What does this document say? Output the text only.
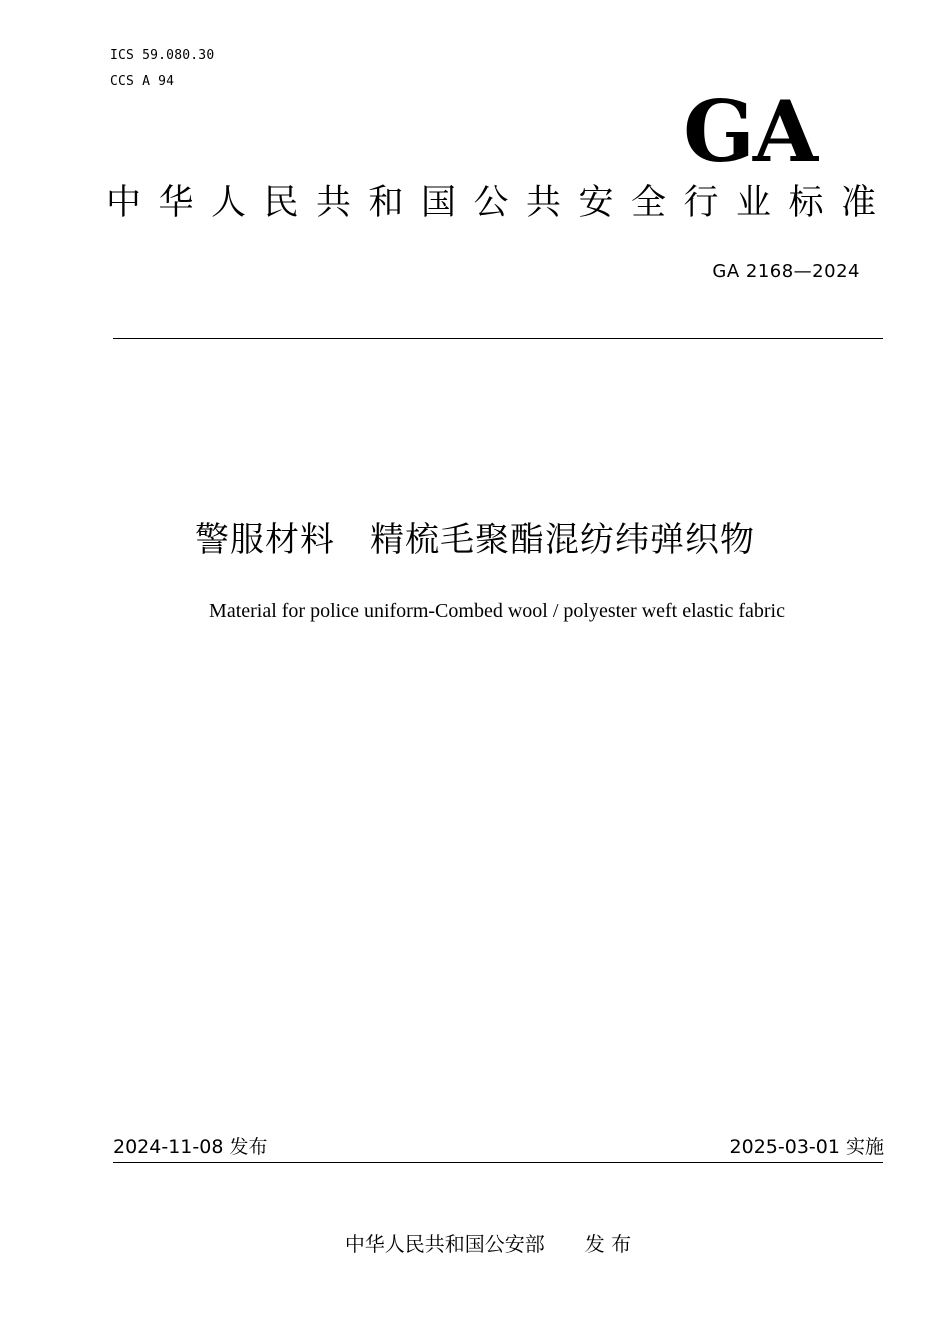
ICS 59.080.30
CCS A 94
GA
中华人民共和国公共安全行业标准
GA 2168—2024
警服材料　精梳毛聚酯混纺纬弹织物
Material for police uniform-Combed wool / polyester weft elastic fabric
2024-11-08 发布	2025-03-01 实施
中华人民共和国公安部　　发 布
